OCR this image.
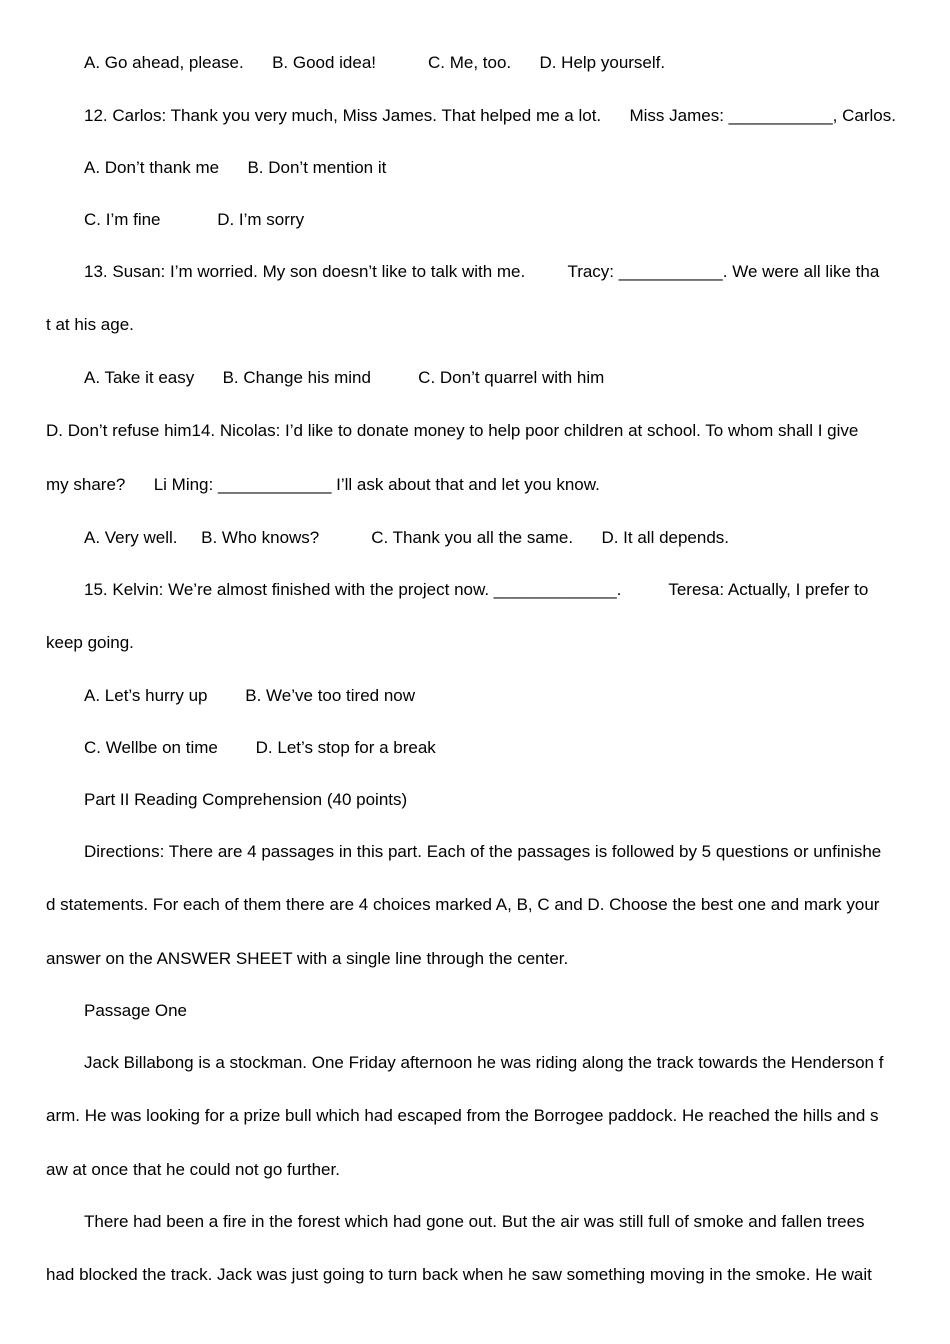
A. Go ahead, please.      B. Good idea!           C. Me, too.      D. Help yourself.
12. Carlos: Thank you very much, Miss James. That helped me a lot.      Miss James: ___________, Carlos.
A. Don’t thank me      B. Don’t mention it
C. I’m fine            D. I’m sorry
13. Susan: I’m worried. My son doesn’t like to talk with me.         Tracy: ___________. We were all like tha
t at his age.
A. Take it easy      B. Change his mind          C. Don’t quarrel with him
D. Don’t refuse him14. Nicolas: I’d like to donate money to help poor children at school. To whom shall I give
my share?      Li Ming: ____________ I’ll ask about that and let you know.
A. Very well.     B. Who knows?           C. Thank you all the same.      D. It all depends.
15. Kelvin: We’re almost finished with the project now. _____________.          Teresa: Actually, I prefer to
keep going.
A. Let’s hurry up        B. We’ve too tired now
C. Wellbe on time        D. Let’s stop for a break
Part II Reading Comprehension (40 points)
Directions: There are 4 passages in this part. Each of the passages is followed by 5 questions or unfinishe
d statements. For each of them there are 4 choices marked A, B, C and D. Choose the best one and mark your
answer on the ANSWER SHEET with a single line through the center.
Passage One
Jack Billabong is a stockman. One Friday afternoon he was riding along the track towards the Henderson f
arm. He was looking for a prize bull which had escaped from the Borrogee paddock. He reached the hills and s
aw at once that he could not go further.
There had been a fire in the forest which had gone out. But the air was still full of smoke and fallen trees
had blocked the track. Jack was just going to turn back when he saw something moving in the smoke. He wait
